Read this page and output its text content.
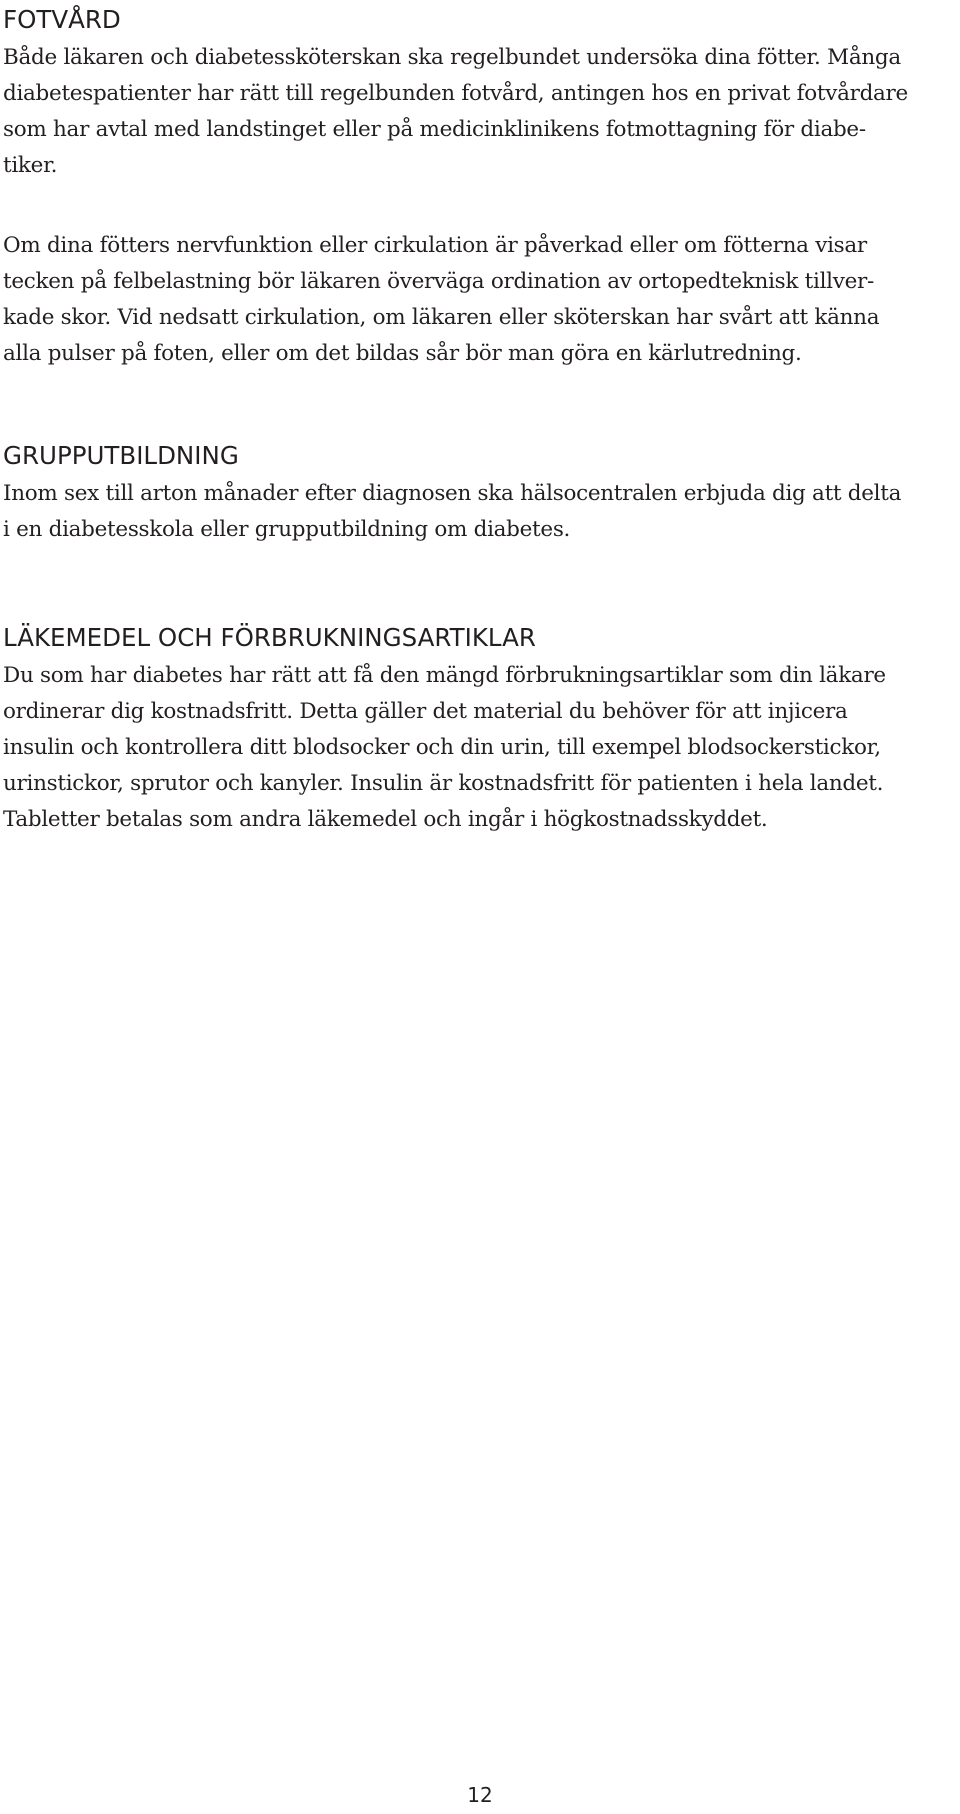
FOTVÅRD

Både läkaren och diabetessköterskan ska regelbundet undersöka dina fötter. Många
diabetespatienter har rätt till regelbunden fotvård, antingen hos en privat fotvårdare
som har avtal med landstinget eller på medicinklinikens fotmottagning för diabe-
tiker.

Om dina fötters nervfunktion eller cirkulation är påverkad eller om fötterna visar
tecken på felbelastning bör läkaren överväga ordination av ortopedteknisk tillver-
kade skor. Vid nedsatt cirkulation, om läkaren eller sköterskan har svårt att känna
alla pulser på foten, eller om det bildas sår bör man göra en kärlutredning.

GRUPPUTBILDNING

Inom sex till arton månader efter diagnosen ska hälsocentralen erbjuda dig att delta
i en diabetesskola eller grupputbildning om diabetes.

LÄKEMEDEL OCH FÖRBRUKNINGSARTIKLAR

Du som har diabetes har rätt att få den mängd förbrukningsartiklar som din läkare
ordinerar dig kostnadsfritt. Detta gäller det material du behöver för att injicera
insulin och kontrollera ditt blodsocker och din urin, till exempel blodsockerstickor,
urinstickor, sprutor och kanyler. Insulin är kostnadsfritt för patienten i hela landet.
Tabletter betalas som andra läkemedel och ingår i högkostnadsskyddet.

12
